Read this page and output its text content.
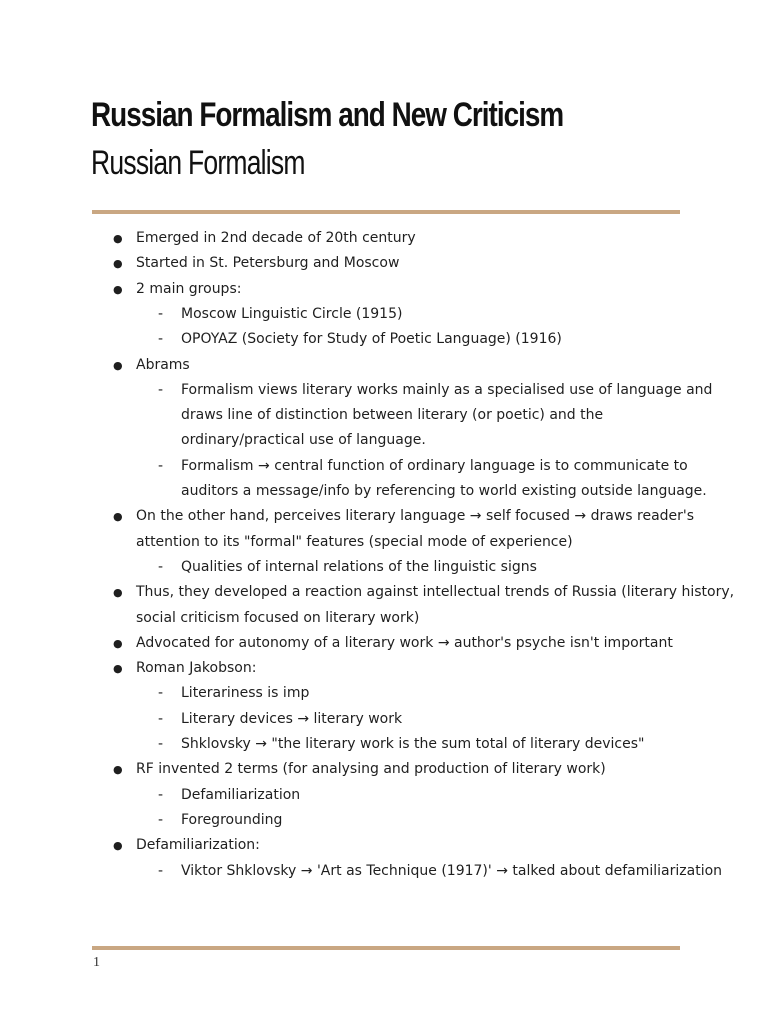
Russian Formalism and New Criticism
Russian Formalism
● Emerged in 2nd decade of 20th century
● Started in St. Petersburg and Moscow
● 2 main groups:
- Moscow Linguistic Circle (1915)
- OPOYAZ (Society for Study of Poetic Language) (1916)
● Abrams
- Formalism views literary works mainly as a specialised use of language and
draws line of distinction between literary (or poetic) and the
ordinary/practical use of language.
- Formalism → central function of ordinary language is to communicate to
auditors a message/info by referencing to world existing outside language.
● On the other hand, perceives literary language → self focused → draws reader's
attention to its "formal" features (special mode of experience)
- Qualities of internal relations of the linguistic signs
● Thus, they developed a reaction against intellectual trends of Russia (literary history,
social criticism focused on literary work)
● Advocated for autonomy of a literary work → author's psyche isn't important
● Roman Jakobson:
- Literariness is imp
- Literary devices → literary work
- Shklovsky → "the literary work is the sum total of literary devices"
● RF invented 2 terms (for analysing and production of literary work)
- Defamiliarization
- Foregrounding
● Defamiliarization:
- Viktor Shklovsky → 'Art as Technique (1917)' → talked about defamiliarization
1
